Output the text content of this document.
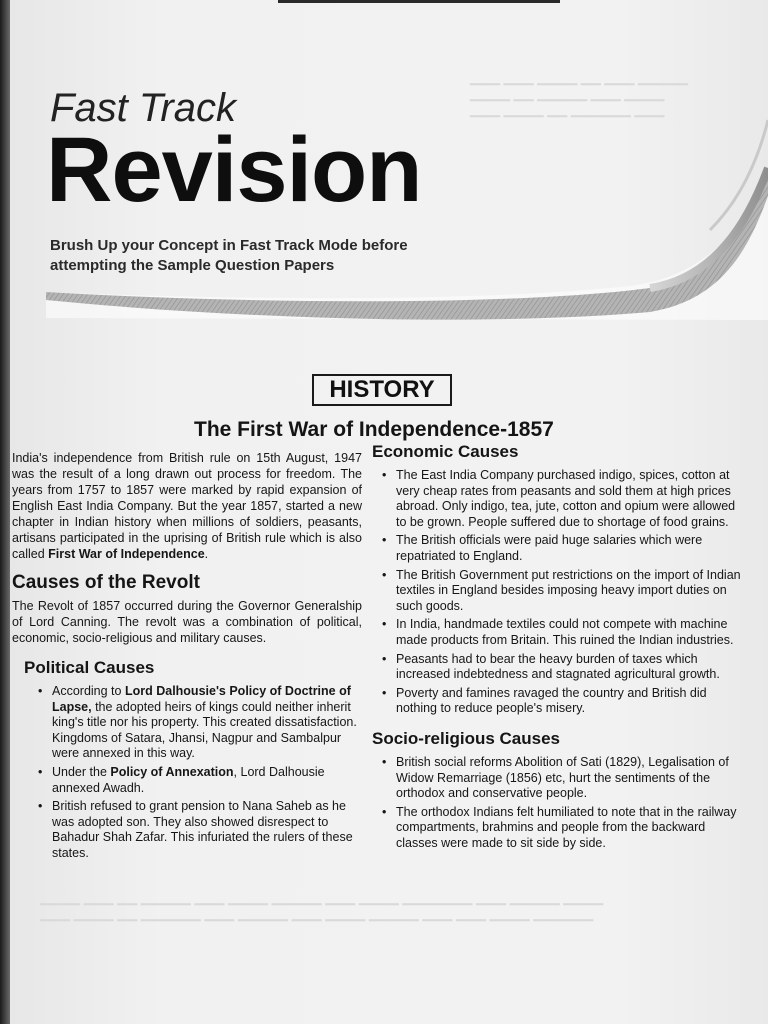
▁▁▁ ▁▁▁ ▁▁▁▁ ▁▁ ▁▁▁ ▁▁▁▁▁
▁▁▁▁ ▁▁ ▁▁▁▁▁ ▁▁▁ ▁▁▁▁
▁▁▁ ▁▁▁▁ ▁▁ ▁▁▁▁▁▁ ▁▁▁
▁▁▁▁ ▁▁▁ ▁▁ ▁▁▁▁▁ ▁▁▁ ▁▁▁▁ ▁▁▁▁▁ ▁▁▁ ▁▁▁▁ ▁▁▁▁▁▁▁ ▁▁▁ ▁▁▁▁▁ ▁▁▁▁
▁▁▁ ▁▁▁▁ ▁▁ ▁▁▁▁▁▁ ▁▁▁ ▁▁▁▁▁ ▁▁▁ ▁▁▁▁ ▁▁▁▁▁ ▁▁▁ ▁▁▁ ▁▁▁▁ ▁▁▁▁▁▁
Fast Track
Revision

Brush Up your Concept in Fast Track Mode before
attempting the Sample Question Papers

HISTORY
The First War of Independence-1857

India's independence from British rule on 15th August, 1947 was the result of a long drawn out process for freedom. The years from 1757 to 1857 were marked by rapid expansion of English East India Company. But the year 1857, started a new chapter in Indian history when millions of soldiers, peasants, artisans participated in the uprising of British rule which is also called First War of Independence.

Causes of the Revolt

The Revolt of 1857 occurred during the Governor Generalship of Lord Canning. The revolt was a combination of political, economic, socio-religious and military causes.

Political Causes
• According to Lord Dalhousie's Policy of Doctrine of Lapse, the adopted heirs of kings could neither inherit king's title nor his property. This created dissatisfaction. Kingdoms of Satara, Jhansi, Nagpur and Sambalpur were annexed in this way.
• Under the Policy of Annexation, Lord Dalhousie annexed Awadh.
• British refused to grant pension to Nana Saheb as he was adopted son. They also showed disrespect to Bahadur Shah Zafar. This infuriated the rulers of these states.
Economic Causes
• The East India Company purchased indigo, spices, cotton at very cheap rates from peasants and sold them at high prices abroad. Only indigo, tea, jute, cotton and opium were allowed to be grown. People suffered due to shortage of food grains.
• The British officials were paid huge salaries which were repatriated to England.
• The British Government put restrictions on the import of Indian textiles in England besides imposing heavy import duties on such goods.
• In India, handmade textiles could not compete with machine made products from Britain. This ruined the Indian industries.
• Peasants had to bear the heavy burden of taxes which increased indebtedness and stagnated agricultural growth.
• Poverty and famines ravaged the country and British did nothing to reduce people's misery.
Socio-religious Causes
• British social reforms Abolition of Sati (1829), Legalisation of Widow Remarriage (1856) etc, hurt the sentiments of the orthodox and conservative people.
• The orthodox Indians felt humiliated to note that in the railway compartments, brahmins and people from the backward classes were made to sit side by side.
